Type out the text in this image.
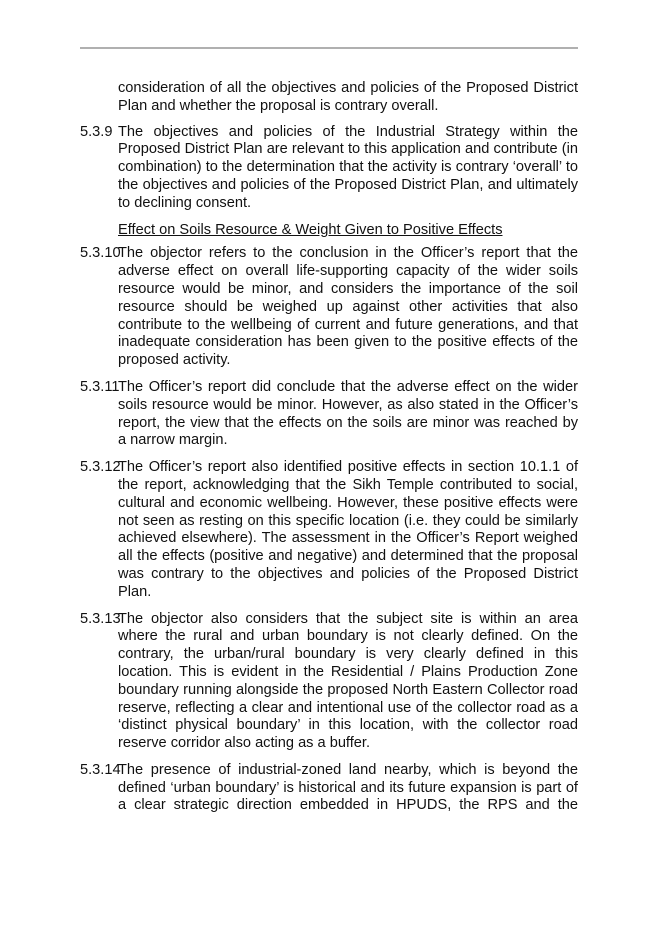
consideration of all the objectives and policies of the Proposed District Plan and whether the proposal is contrary overall.

5.3.9 The objectives and policies of the Industrial Strategy within the Proposed District Plan are relevant to this application and contribute (in combination) to the determination that the activity is contrary ‘overall’ to the objectives and policies of the Proposed District Plan, and ultimately to declining consent.

Effect on Soils Resource & Weight Given to Positive Effects

5.3.10
The objector refers to the conclusion in the Officer’s report that the adverse effect on overall life-supporting capacity of the wider soils resource would be minor, and considers the importance of the soil resource should be weighed up against other activities that also contribute to the wellbeing of current and future generations, and that inadequate consideration has been given to the positive effects of the proposed activity.
5.3.11
The Officer’s report did conclude that the adverse effect on the wider soils resource would be minor. However, as also stated in the Officer’s report, the view that the effects on the soils are minor was reached by a narrow margin.
5.3.12
The Officer’s report also identified positive effects in section 10.1.1 of the report, acknowledging that the Sikh Temple contributed to social, cultural and economic wellbeing. However, these positive effects were not seen as resting on this specific location (i.e. they could be similarly achieved elsewhere). The assessment in the Officer’s Report weighed all the effects (positive and negative) and determined that the proposal was contrary to the objectives and policies of the Proposed District Plan.
5.3.13
The objector also considers that the subject site is within an area where the rural and urban boundary is not clearly defined. On the contrary, the urban/rural boundary is very clearly defined in this location. This is evident in the Residential / Plains Production Zone boundary running alongside the proposed North Eastern Collector road reserve, reflecting a clear and intentional use of the collector road as a ‘distinct physical boundary’ in this location, with the collector road reserve corridor also acting as a buffer.
5.3.14
The presence of industrial-zoned land nearby, which is beyond the defined ‘urban boundary’ is historical and its future expansion is part of a clear strategic direction embedded in HPUDS, the RPS and the
